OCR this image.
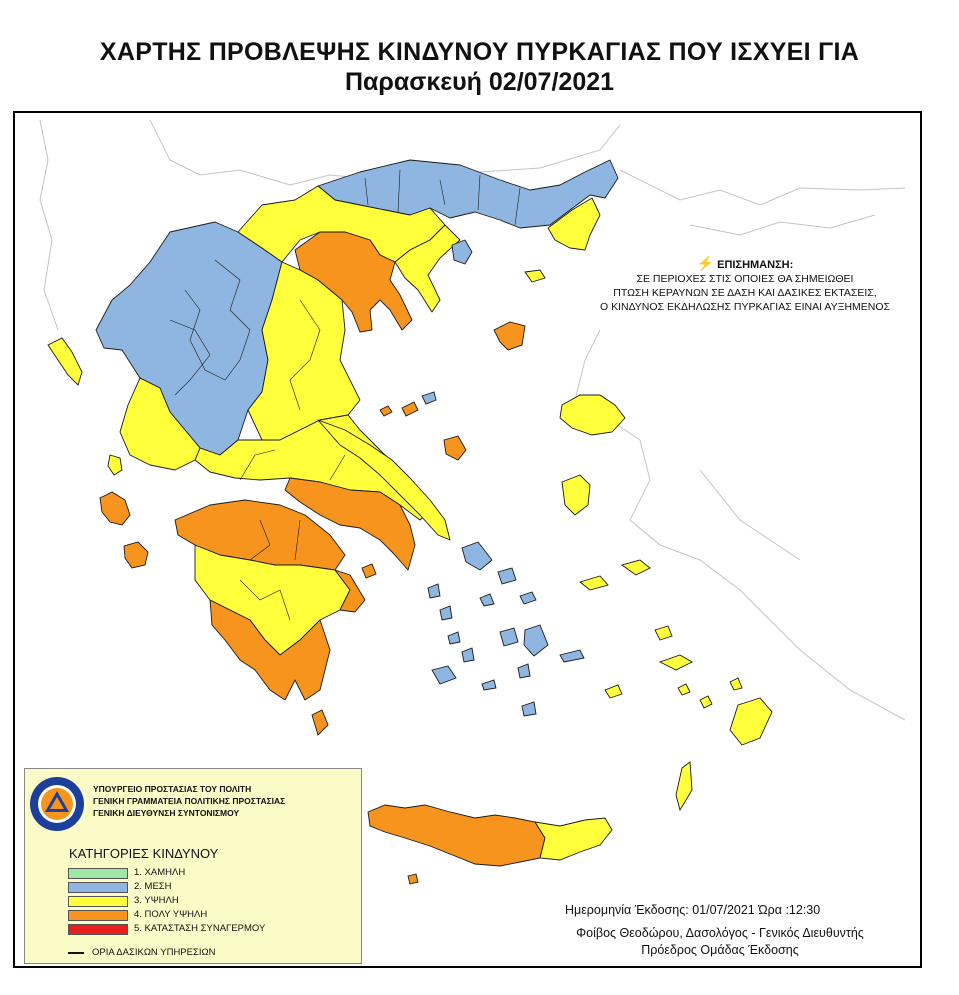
ΧΑΡΤΗΣ ΠΡΟΒΛΕΨΗΣ ΚΙΝΔΥΝΟΥ ΠΥΡΚΑΓΙΑΣ ΠΟΥ ΙΣΧΥΕΙ ΓΙΑ
Παρασκευή 02/07/2021
⚡ ΕΠΙΣΗΜΑΝΣΗ:
ΣΕ ΠΕΡΙΟΧΕΣ ΣΤΙΣ ΟΠΟΙΕΣ ΘΑ ΣΗΜΕΙΩΘΕΙ
ΠΤΩΣΗ ΚΕΡΑΥΝΩΝ ΣΕ ΔΑΣΗ ΚΑΙ ΔΑΣΙΚΕΣ ΕΚΤΑΣΕΙΣ,
Ο ΚΙΝΔΥΝΟΣ ΕΚΔΗΛΩΣΗΣ ΠΥΡΚΑΓΙΑΣ ΕΙΝΑΙ ΑΥΞΗΜΕΝΟΣ
ΥΠΟΥΡΓΕΙΟ ΠΡΟΣΤΑΣΙΑΣ ΤΟΥ ΠΟΛΙΤΗ
ΓΕΝΙΚΗ ΓΡΑΜΜΑΤΕΙΑ ΠΟΛΙΤΙΚΗΣ ΠΡΟΣΤΑΣΙΑΣ
ΓΕΝΙΚΗ ΔΙΕΥΘΥΝΣΗ ΣΥΝΤΟΝΙΣΜΟΥ
ΚΑΤΗΓΟΡΙΕΣ ΚΙΝΔΥΝΟΥ
1. ΧΑΜΗΛΗ
2. ΜΕΣΗ
3. ΥΨΗΛΗ
4. ΠΟΛΥ ΥΨΗΛΗ
5. ΚΑΤΑΣΤΑΣΗ ΣΥΝΑΓΕΡΜΟΥ
ΟΡΙΑ ΔΑΣΙΚΩΝ ΥΠΗΡΕΣΙΩΝ
Ημερομηνία Έκδοσης: 01/07/2021 Ώρα :12:30
Φοίβος Θεοδώρου, Δασολόγος - Γενικός Διευθυντής
Πρόεδρος Ομάδας Έκδοσης
